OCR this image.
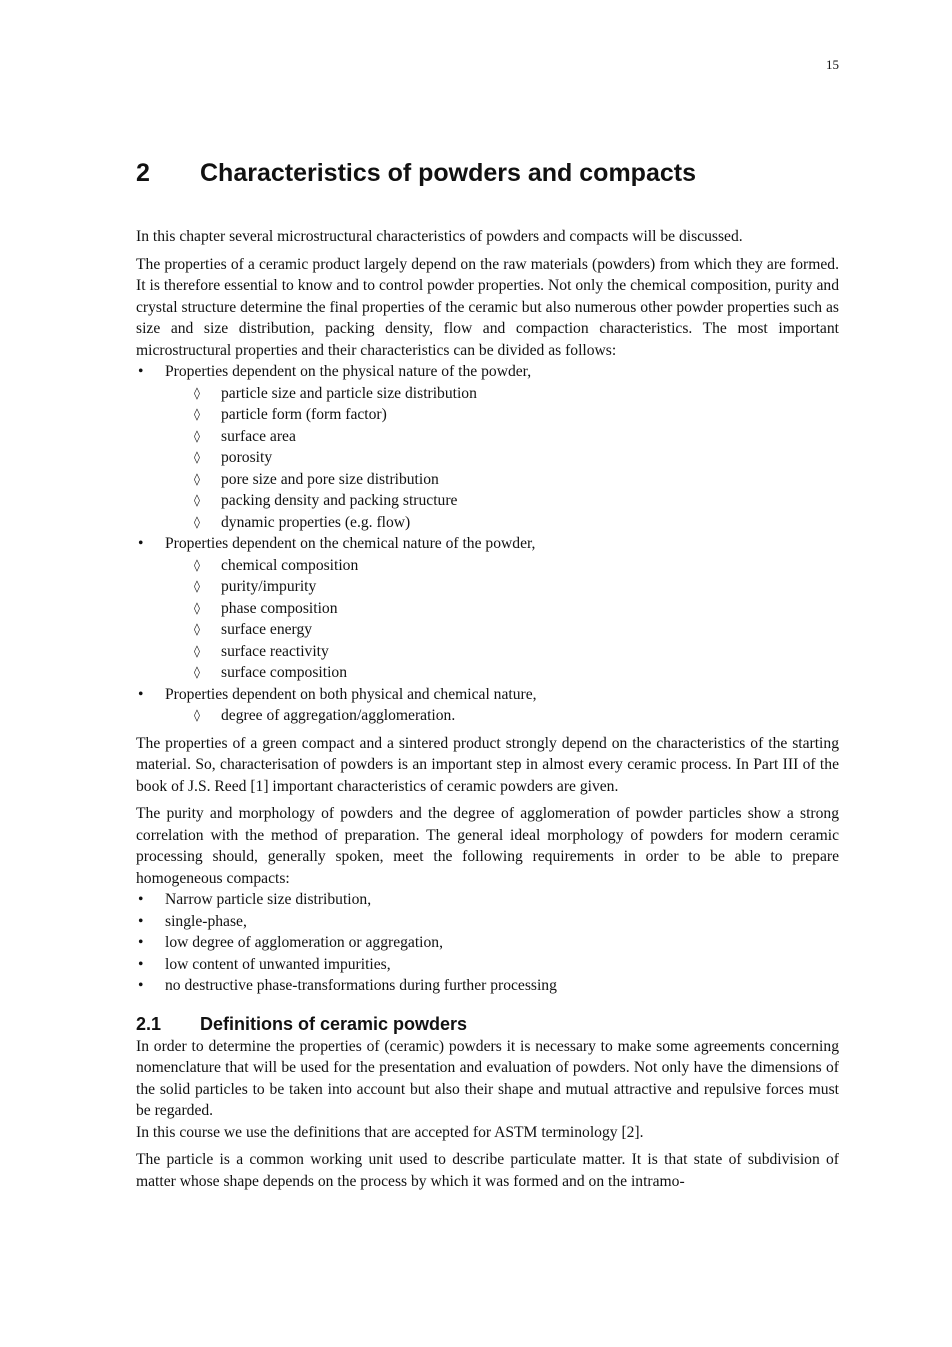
15
2 Characteristics of powders and compacts

In this chapter several microstructural characteristics of powders and compacts will be discussed.

The properties of a ceramic product largely depend on the raw materials (powders) from which they are formed. It is therefore essential to know and to control powder properties. Not only the chemical composition, purity and crystal structure determine the final properties of the ceramic but also numerous other powder properties such as size and size distribution, packing density, flow and compaction characteristics. The most important microstructural properties and their characteristics can be divided as follows:

• Properties dependent on the physical nature of the powder,
◊ particle size and particle size distribution
◊ particle form (form factor)
◊ surface area
◊ porosity
◊ pore size and pore size distribution
◊ packing density and packing structure
◊ dynamic properties (e.g. flow)
• Properties dependent on the chemical nature of the powder,
◊ chemical composition
◊ purity/impurity
◊ phase composition
◊ surface energy
◊ surface reactivity
◊ surface composition
• Properties dependent on both physical and chemical nature,
◊ degree of aggregation/agglomeration.

The properties of a green compact and a sintered product strongly depend on the characteristics of the starting material. So, characterisation of powders is an important step in almost every ceramic process. In Part III of the book of J.S. Reed [1] important characteristics of ceramic powders are given.

The purity and morphology of powders and the degree of agglomeration of powder particles show a strong correlation with the method of preparation. The general ideal morphology of powders for modern ceramic processing should, generally spoken, meet the following requirements in order to be able to prepare homogeneous compacts:

• Narrow particle size distribution,
• single-phase,
• low degree of agglomeration or aggregation,
• low content of unwanted impurities,
• no destructive phase-transformations during further processing
2.1 Definitions of ceramic powders

In order to determine the properties of (ceramic) powders it is necessary to make some agreements concerning nomenclature that will be used for the presentation and evaluation of powders. Not only have the dimensions of the solid particles to be taken into account but also their shape and mutual attractive and repulsive forces must be regarded.

In this course we use the definitions that are accepted for ASTM terminology [2].

The particle is a common working unit used to describe particulate matter. It is that state of subdivision of matter whose shape depends on the process by which it was formed and on the intramo-
